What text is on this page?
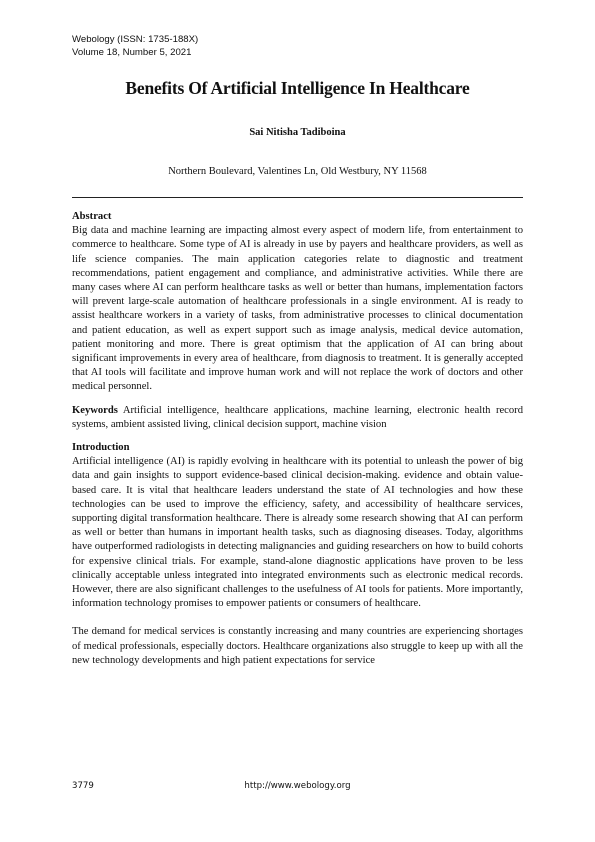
Webology (ISSN: 1735-188X)
Volume 18, Number 5, 2021
Benefits Of Artificial Intelligence In Healthcare
Sai Nitisha Tadiboina
Northern Boulevard, Valentines Ln, Old Westbury, NY 11568
Abstract

Big data and machine learning are impacting almost every aspect of modern life, from entertainment to commerce to healthcare. Some type of AI is already in use by payers and healthcare providers, as well as life science companies. The main application categories relate to diagnostic and treatment recommendations, patient engagement and compliance, and administrative activities. While there are many cases where AI can perform healthcare tasks as well or better than humans, implementation factors will prevent large-scale automation of healthcare professionals in a single environment. AI is ready to assist healthcare workers in a variety of tasks, from administrative processes to clinical documentation and patient education, as well as expert support such as image analysis, medical device automation, patient monitoring and more. There is great optimism that the application of AI can bring about significant improvements in every area of healthcare, from diagnosis to treatment. It is generally accepted that AI tools will facilitate and improve human work and will not replace the work of doctors and other medical personnel.

Keywords Artificial intelligence, healthcare applications, machine learning, electronic health record systems, ambient assisted living, clinical decision support, machine vision

Introduction

Artificial intelligence (AI) is rapidly evolving in healthcare with its potential to unleash the power of big data and gain insights to support evidence-based clinical decision-making. evidence and obtain value-based care. It is vital that healthcare leaders understand the state of AI technologies and how these technologies can be used to improve the efficiency, safety, and accessibility of healthcare services, supporting digital transformation healthcare. There is already some research showing that AI can perform as well or better than humans in important health tasks, such as diagnosing diseases. Today, algorithms have outperformed radiologists in detecting malignancies and guiding researchers on how to build cohorts for expensive clinical trials. For example, stand-alone diagnostic applications have proven to be less clinically acceptable unless integrated into integrated environments such as electronic medical records. However, there are also significant challenges to the usefulness of AI tools for patients. More importantly, information technology promises to empower patients or consumers of healthcare.

The demand for medical services is constantly increasing and many countries are experiencing shortages of medical professionals, especially doctors. Healthcare organizations also struggle to keep up with all the new technology developments and high patient expectations for service

3779	http://www.webology.org
